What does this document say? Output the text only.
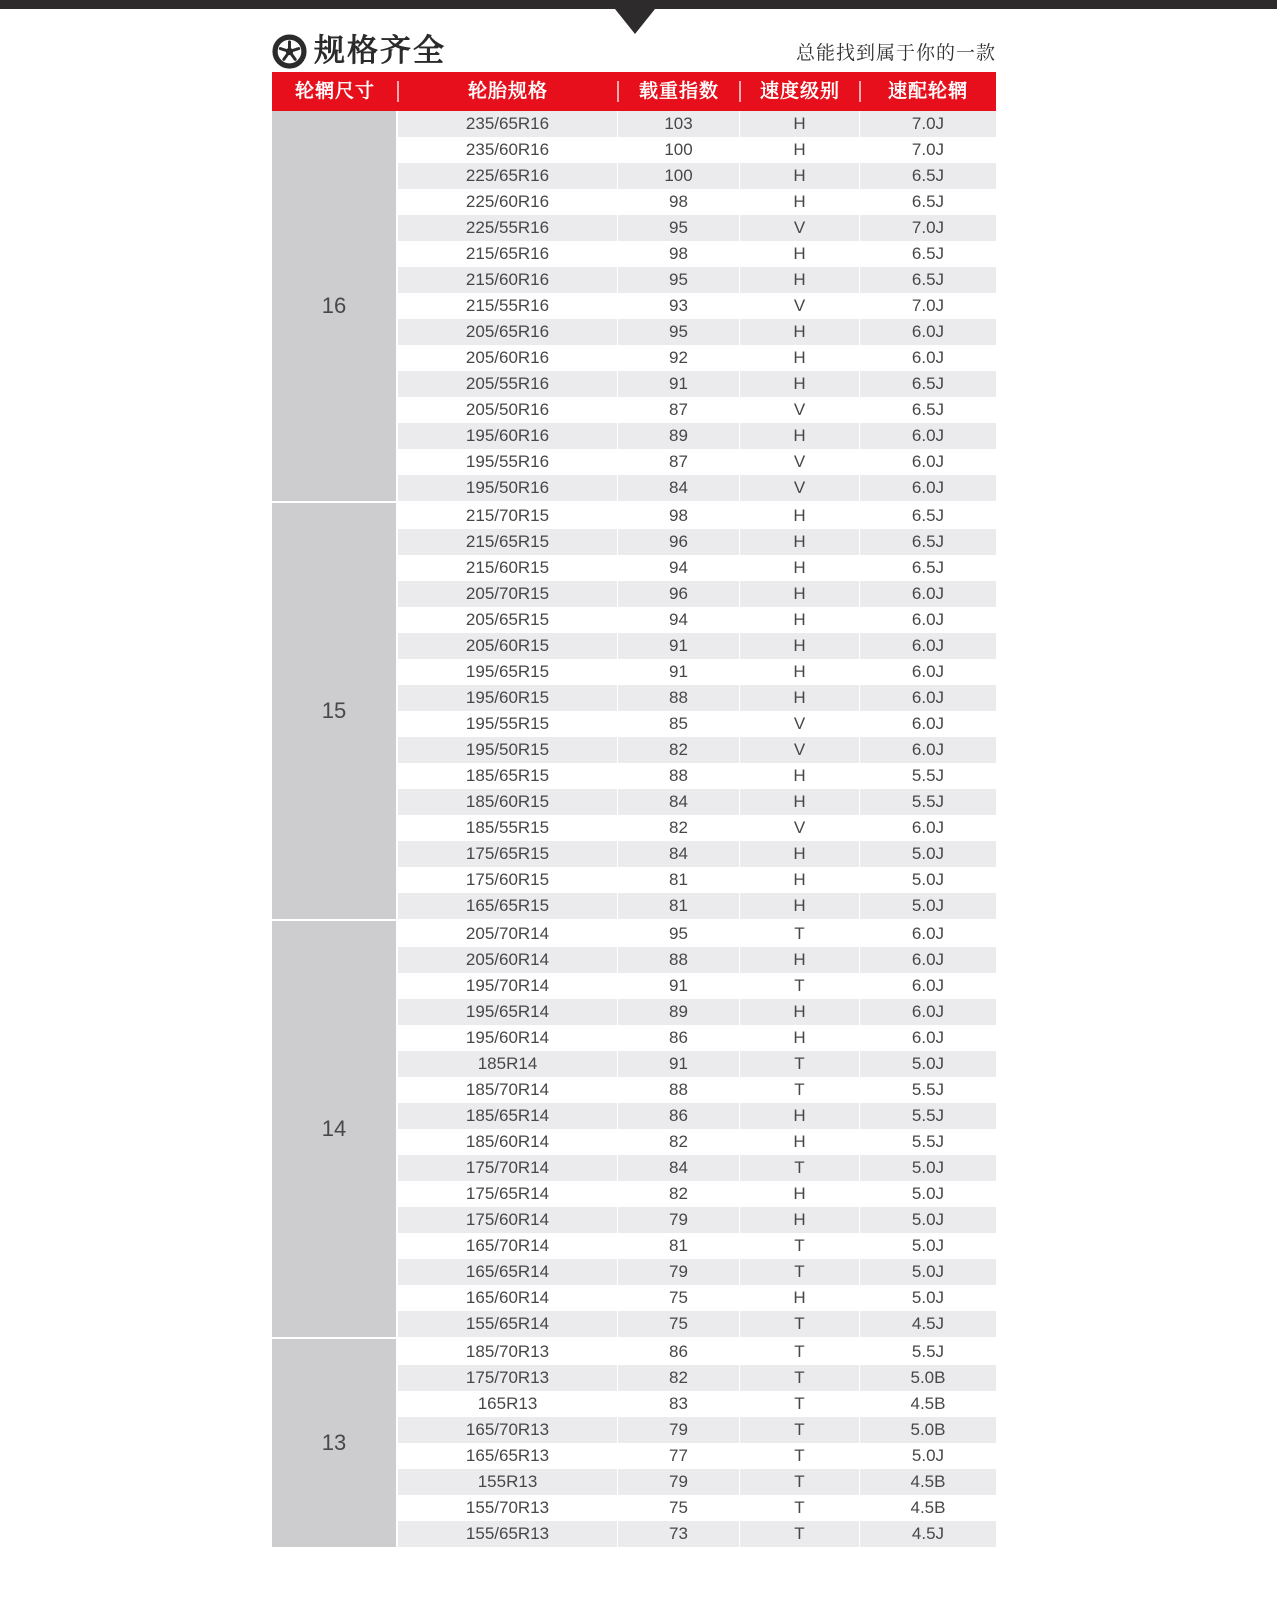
规格齐全	总能找到属于你的一款
轮辋尺寸	轮胎规格	载重指数	速度级别	速配轮辋
16
235/65R16	103	H	7.0J
235/60R16	100	H	7.0J
225/65R16	100	H	6.5J
225/60R16	98	H	6.5J
225/55R16	95	V	7.0J
215/65R16	98	H	6.5J
215/60R16	95	H	6.5J
215/55R16	93	V	7.0J
205/65R16	95	H	6.0J
205/60R16	92	H	6.0J
205/55R16	91	H	6.5J
205/50R16	87	V	6.5J
195/60R16	89	H	6.0J
195/55R16	87	V	6.0J
195/50R16	84	V	6.0J
15
215/70R15	98	H	6.5J
215/65R15	96	H	6.5J
215/60R15	94	H	6.5J
205/70R15	96	H	6.0J
205/65R15	94	H	6.0J
205/60R15	91	H	6.0J
195/65R15	91	H	6.0J
195/60R15	88	H	6.0J
195/55R15	85	V	6.0J
195/50R15	82	V	6.0J
185/65R15	88	H	5.5J
185/60R15	84	H	5.5J
185/55R15	82	V	6.0J
175/65R15	84	H	5.0J
175/60R15	81	H	5.0J
165/65R15	81	H	5.0J
14
205/70R14	95	T	6.0J
205/60R14	88	H	6.0J
195/70R14	91	T	6.0J
195/65R14	89	H	6.0J
195/60R14	86	H	6.0J
185R14	91	T	5.0J
185/70R14	88	T	5.5J
185/65R14	86	H	5.5J
185/60R14	82	H	5.5J
175/70R14	84	T	5.0J
175/65R14	82	H	5.0J
175/60R14	79	H	5.0J
165/70R14	81	T	5.0J
165/65R14	79	T	5.0J
165/60R14	75	H	5.0J
155/65R14	75	T	4.5J
13
185/70R13	86	T	5.5J
175/70R13	82	T	5.0B
165R13	83	T	4.5B
165/70R13	79	T	5.0B
165/65R13	77	T	5.0J
155R13	79	T	4.5B
155/70R13	75	T	4.5B
155/65R13	73	T	4.5J
